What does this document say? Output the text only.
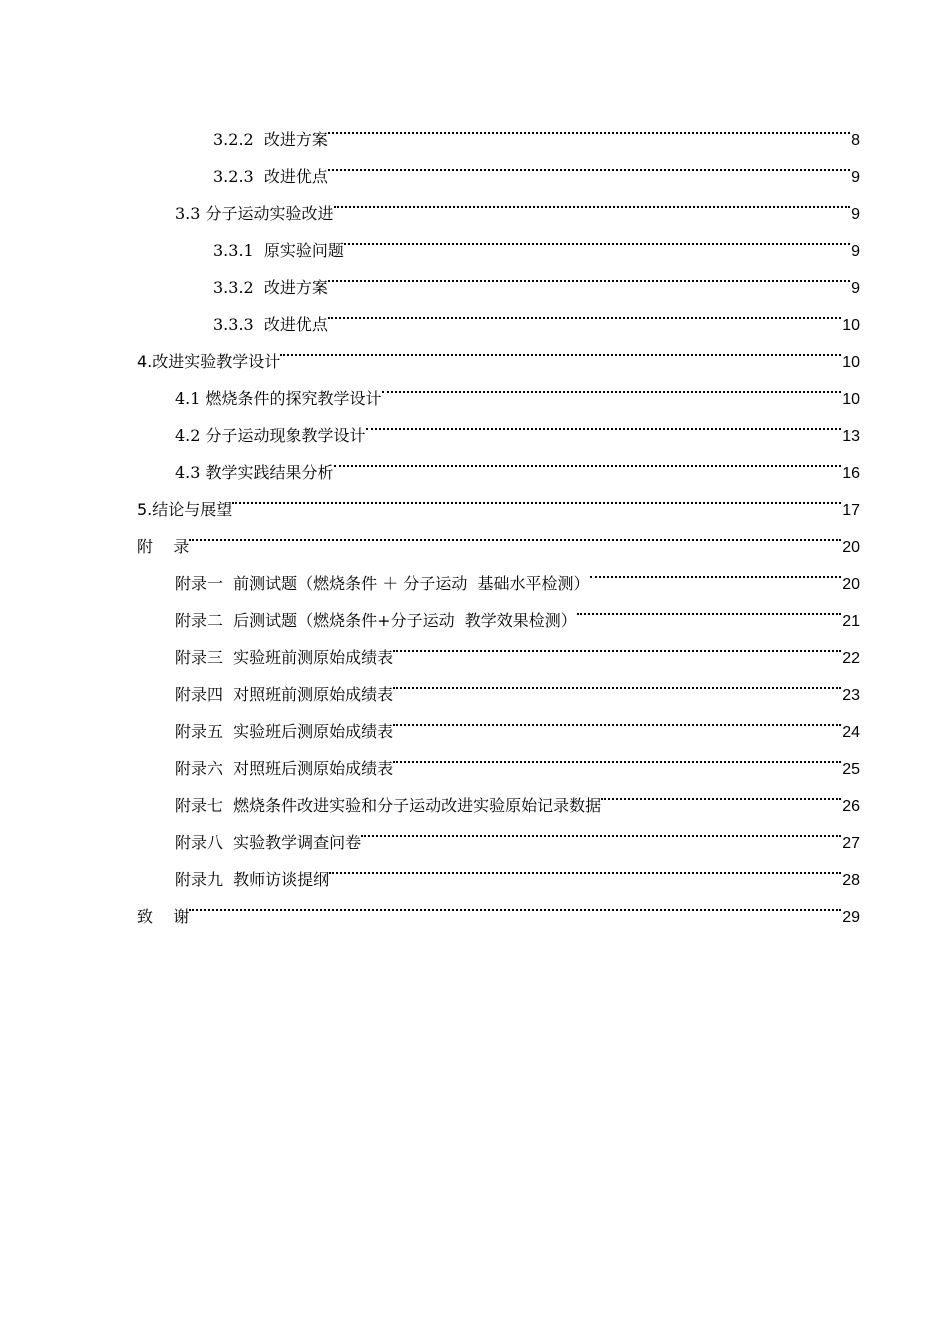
3.2.2  改进方案	8
3.2.3  改进优点	9
3.3 分子运动实验改进	9
3.3.1  原实验问题	9
3.3.2  改进方案	9
3.3.3  改进优点	10
4.改进实验教学设计	10
4.1 燃烧条件的探究教学设计	10
4.2 分子运动现象教学设计	13
4.3 教学实践结果分析	16
5.结论与展望	17
附    录	20
附录一  前测试题（燃烧条件 ＋ 分子运动  基础水平检测）	20
附录二  后测试题（燃烧条件+分子运动  教学效果检测）	21
附录三  实验班前测原始成绩表	22
附录四  对照班前测原始成绩表	23
附录五  实验班后测原始成绩表	24
附录六  对照班后测原始成绩表	25
附录七  燃烧条件改进实验和分子运动改进实验原始记录数据	26
附录八  实验教学调查问卷	27
附录九  教师访谈提纲	28
致    谢	29
